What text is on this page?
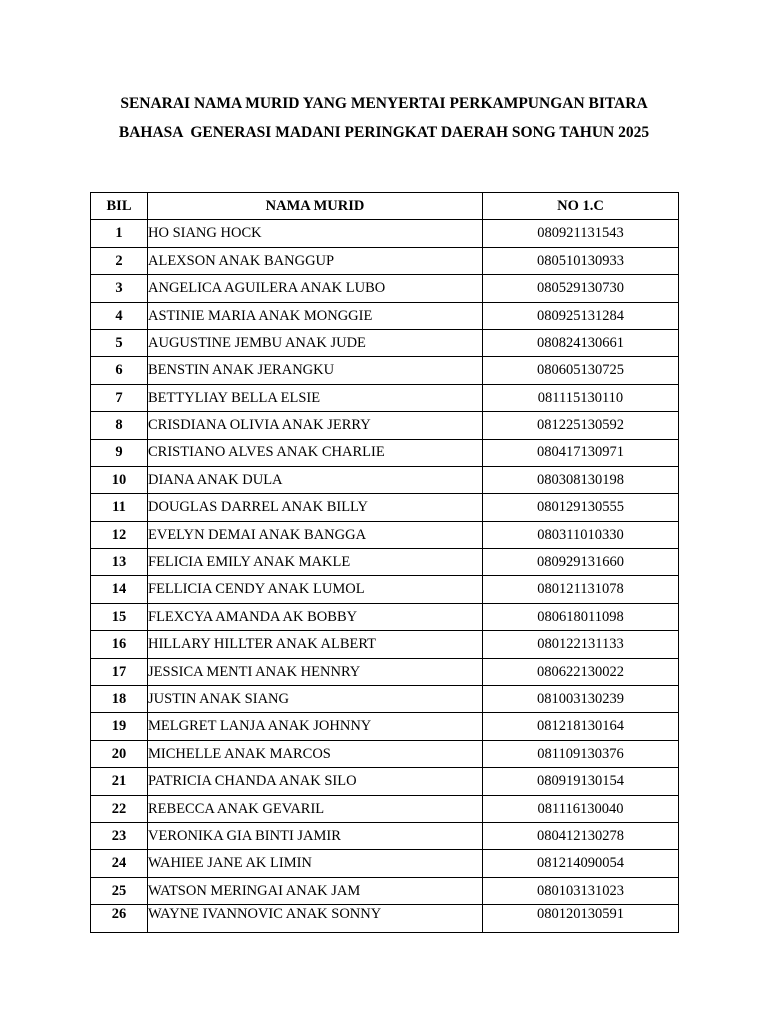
SENARAI NAMA MURID YANG MENYERTAI PERKAMPUNGAN BITARA

BAHASA  GENERASI MADANI PERINGKAT DAERAH SONG TAHUN 2025

BIL	NAMA MURID	NO 1.C
1	HO SIANG HOCK	080921131543
2	ALEXSON ANAK BANGGUP	080510130933
3	ANGELICA AGUILERA ANAK LUBO	080529130730
4	ASTINIE MARIA ANAK MONGGIE	080925131284
5	AUGUSTINE JEMBU ANAK JUDE	080824130661
6	BENSTIN ANAK JERANGKU	080605130725
7	BETTYLIAY BELLA ELSIE	081115130110
8	CRISDIANA OLIVIA ANAK JERRY	081225130592
9	CRISTIANO ALVES ANAK CHARLIE	080417130971
10	DIANA ANAK DULA	080308130198
11	DOUGLAS DARREL ANAK BILLY	080129130555
12	EVELYN DEMAI ANAK BANGGA	080311010330
13	FELICIA EMILY ANAK MAKLE	080929131660
14	FELLICIA CENDY ANAK LUMOL	080121131078
15	FLEXCYA AMANDA AK BOBBY	080618011098
16	HILLARY HILLTER ANAK ALBERT	080122131133
17	JESSICA MENTI ANAK HENNRY	080622130022
18	JUSTIN ANAK SIANG	081003130239
19	MELGRET LANJA ANAK JOHNNY	081218130164
20	MICHELLE ANAK MARCOS	081109130376
21	PATRICIA CHANDA ANAK SILO	080919130154
22	REBECCA ANAK GEVARIL	081116130040
23	VERONIKA GIA BINTI JAMIR	080412130278
24	WAHIEE JANE AK LIMIN	081214090054
25	WATSON MERINGAI ANAK JAM	080103131023
26	WAYNE IVANNOVIC ANAK SONNY	080120130591
